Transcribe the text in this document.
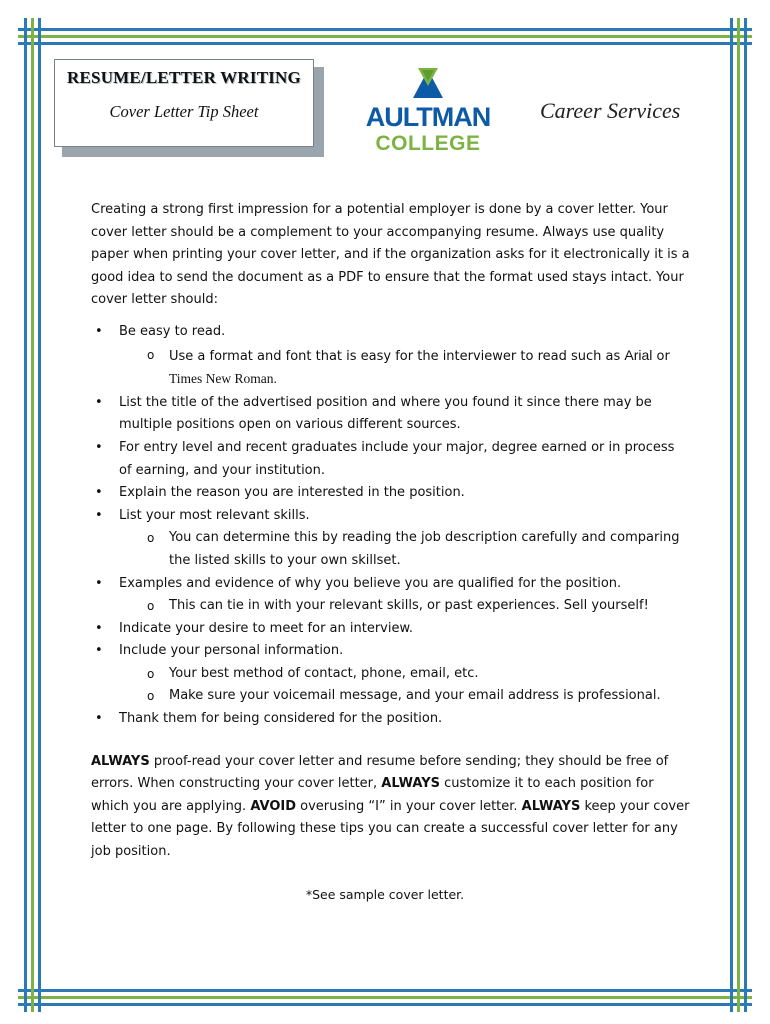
RESUME/LETTER WRITING
Cover Letter Tip Sheet	AULTMAN
COLLEGE
Career Services

Creating a strong first impression for a potential employer is done by a cover letter. Your cover letter should be a complement to your accompanying resume. Always use quality paper when printing your cover letter, and if the organization asks for it electronically it is a good idea to send the document as a PDF to ensure that the format used stays intact. Your cover letter should:

• Be easy to read.
o Use a format and font that is easy for the interviewer to read such as Arial or Times New Roman.
• List the title of the advertised position and where you found it since there may be multiple positions open on various different sources.
• For entry level and recent graduates include your major, degree earned or in process of earning, and your institution.
• Explain the reason you are interested in the position.
• List your most relevant skills.
o You can determine this by reading the job description carefully and comparing the listed skills to your own skillset.
• Examples and evidence of why you believe you are qualified for the position.
o This can tie in with your relevant skills, or past experiences. Sell yourself!
• Indicate your desire to meet for an interview.
• Include your personal information.
o Your best method of contact, phone, email, etc.
o Make sure your voicemail message, and your email address is professional.
• Thank them for being considered for the position.

ALWAYS proof-read your cover letter and resume before sending; they should be free of errors. When constructing your cover letter, ALWAYS customize it to each position for which you are applying. AVOID overusing “I” in your cover letter. ALWAYS keep your cover letter to one page. By following these tips you can create a successful cover letter for any job position.

*See sample cover letter.
